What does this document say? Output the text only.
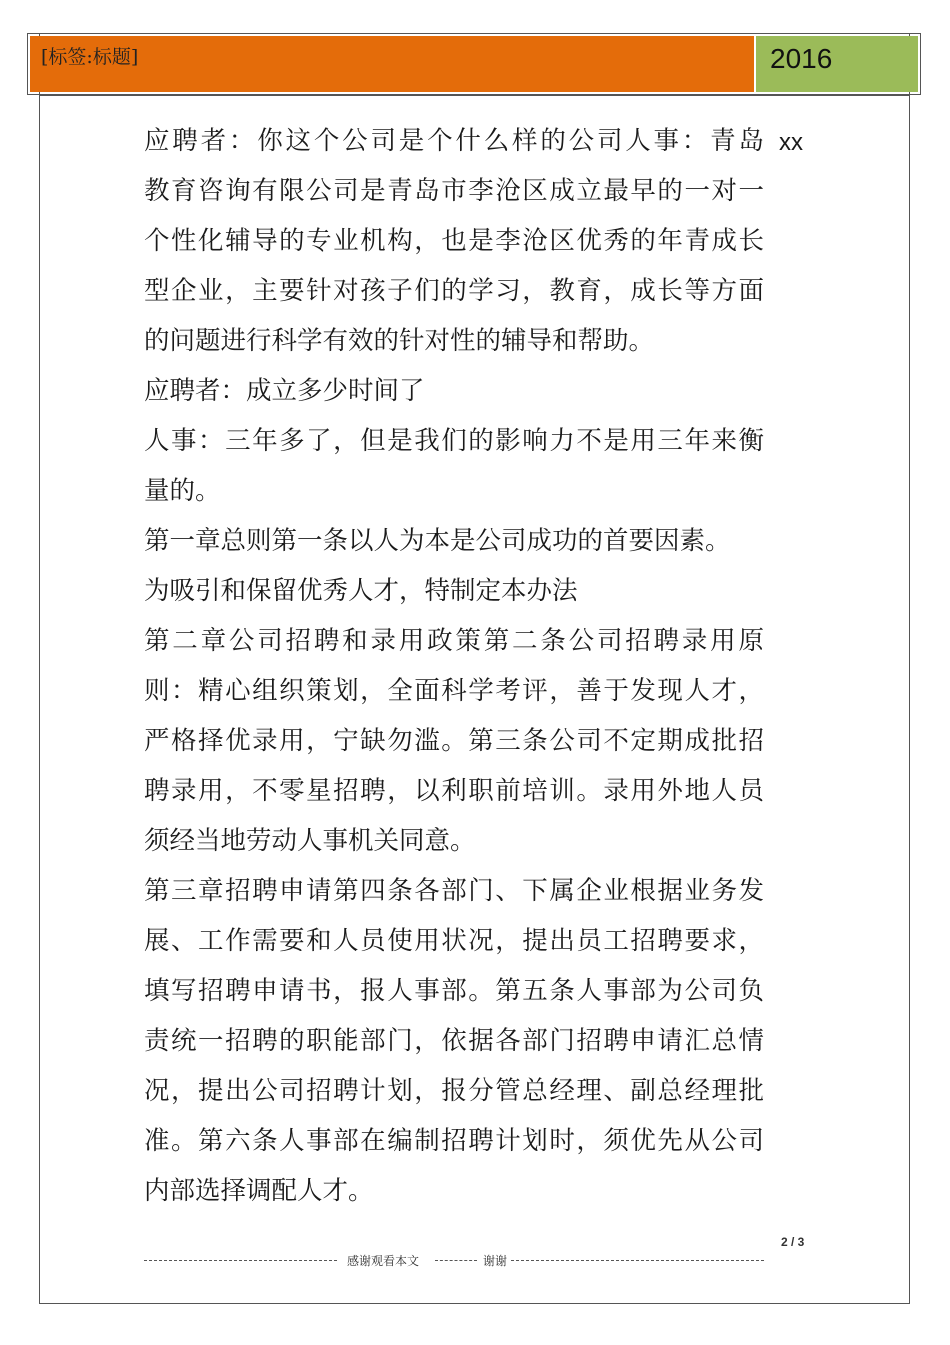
[标签:标题]	2016
xx
应聘者：你这个公司是个什么样的公司人事：青岛
教育咨询有限公司是青岛市李沧区成立最早的一对一
个性化辅导的专业机构，也是李沧区优秀的年青成长
型企业，主要针对孩子们的学习，教育，成长等方面
的问题进行科学有效的针对性的辅导和帮助。
应聘者：成立多少时间了
人事：三年多了，但是我们的影响力不是用三年来衡
量的。
第一章总则第一条以人为本是公司成功的首要因素。
为吸引和保留优秀人才，特制定本办法
第二章公司招聘和录用政策第二条公司招聘录用原
则：精心组织策划，全面科学考评，善于发现人才，
严格择优录用，宁缺勿滥。第三条公司不定期成批招
聘录用，不零星招聘，以利职前培训。录用外地人员
须经当地劳动人事机关同意。
第三章招聘申请第四条各部门、下属企业根据业务发
展、工作需要和人员使用状况，提出员工招聘要求，
填写招聘申请书，报人事部。第五条人事部为公司负
责统一招聘的职能部门，依据各部门招聘申请汇总情
况，提出公司招聘计划，报分管总经理、副总经理批
准。第六条人事部在编制招聘计划时，须优先从公司
内部选择调配人才。
2 / 3
感谢观看本文	谢谢
